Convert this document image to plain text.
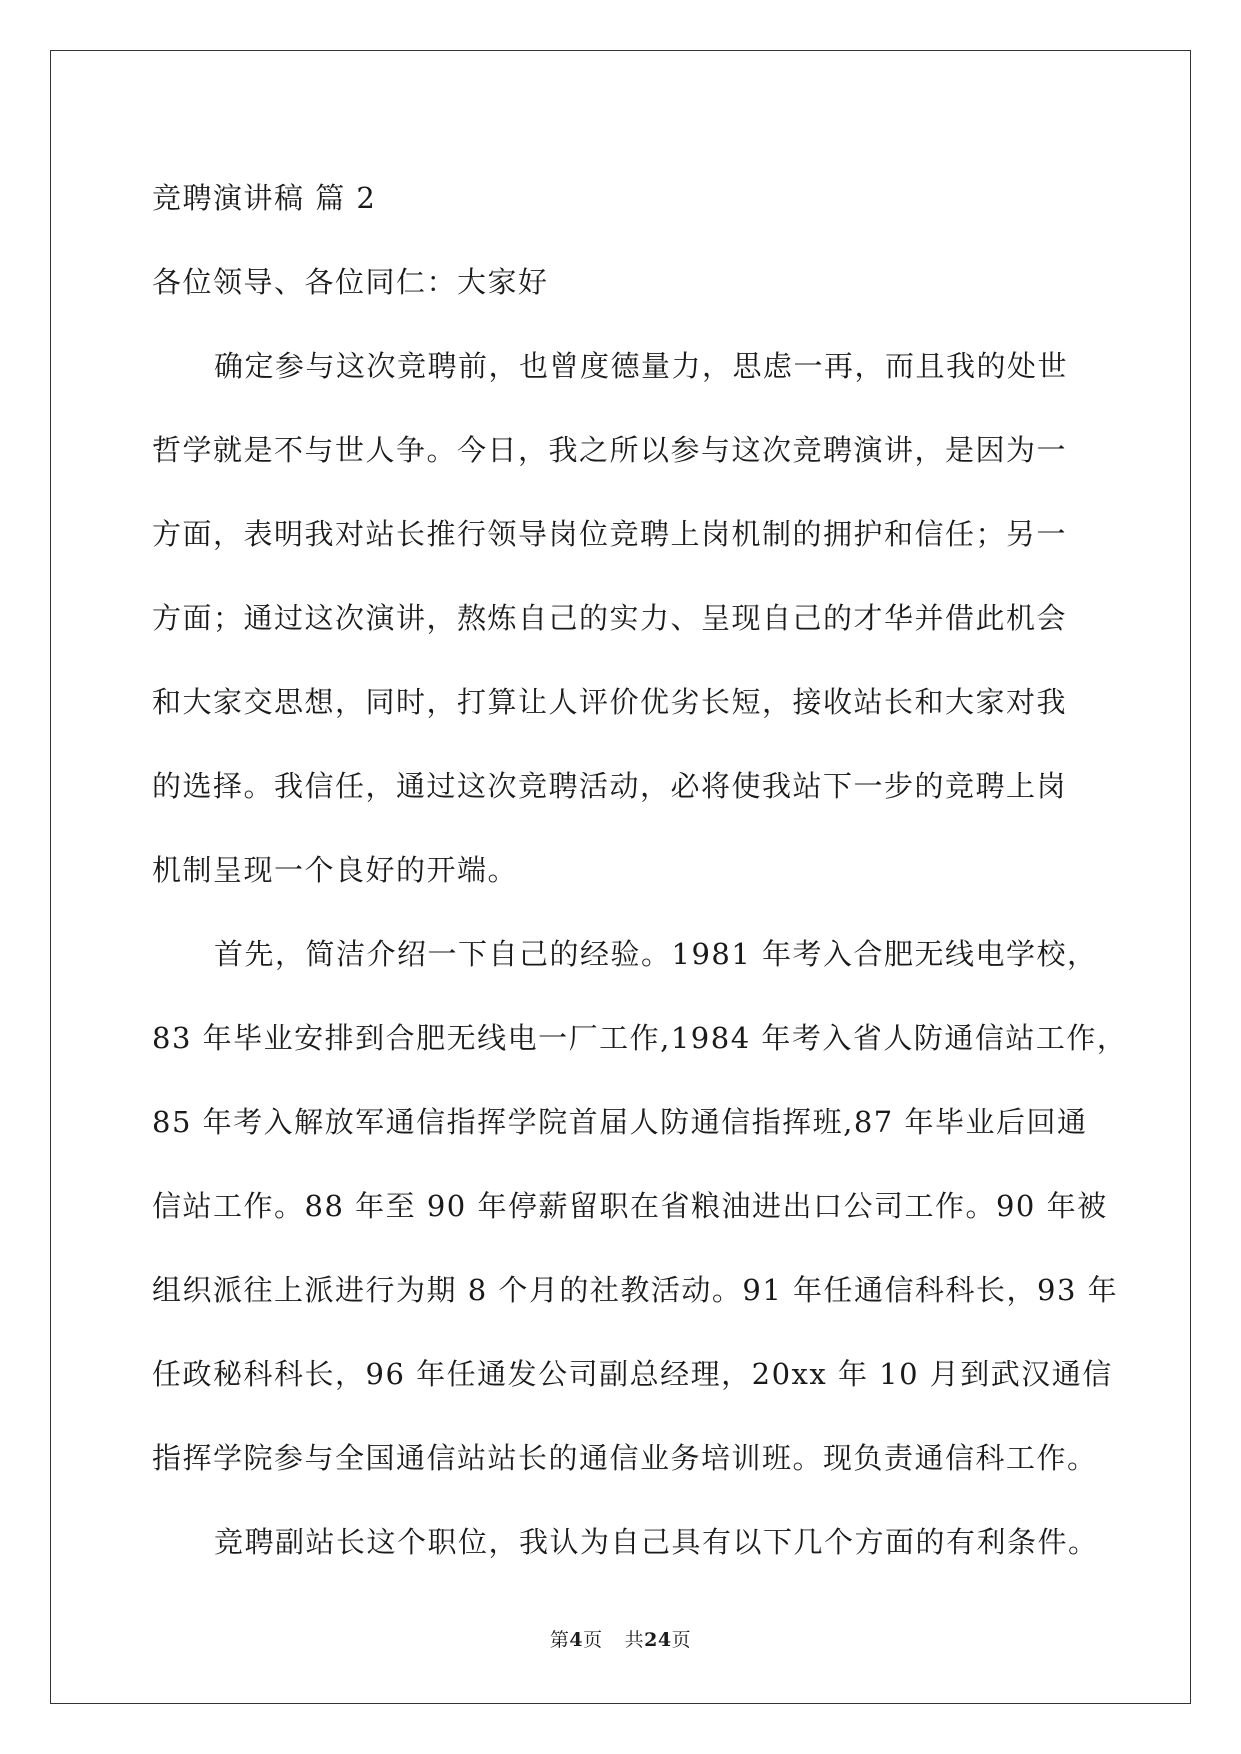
竞聘演讲稿 篇 2
各位领导、各位同仁：大家好
确定参与这次竞聘前，也曾度德量力，思虑一再，而且我的处世
哲学就是不与世人争。今日，我之所以参与这次竞聘演讲，是因为一
方面，表明我对站长推行领导岗位竞聘上岗机制的拥护和信任；另一
方面；通过这次演讲，熬炼自己的实力、呈现自己的才华并借此机会
和大家交思想，同时，打算让人评价优劣长短，接收站长和大家对我
的选择。我信任，通过这次竞聘活动，必将使我站下一步的竞聘上岗
机制呈现一个良好的开端。
首先，简洁介绍一下自己的经验。1981 年考入合肥无线电学校，
83 年毕业安排到合肥无线电一厂工作,1984 年考入省人防通信站工作，
85 年考入解放军通信指挥学院首届人防通信指挥班,87 年毕业后回通
信站工作。88 年至 90 年停薪留职在省粮油进出口公司工作。90 年被
组织派往上派进行为期 8 个月的社教活动。91 年任通信科科长，93 年
任政秘科科长，96 年任通发公司副总经理，20xx 年 10 月到武汉通信
指挥学院参与全国通信站站长的通信业务培训班。现负责通信科工作。
竞聘副站长这个职位，我认为自己具有以下几个方面的有利条件。
第4页 共24页
